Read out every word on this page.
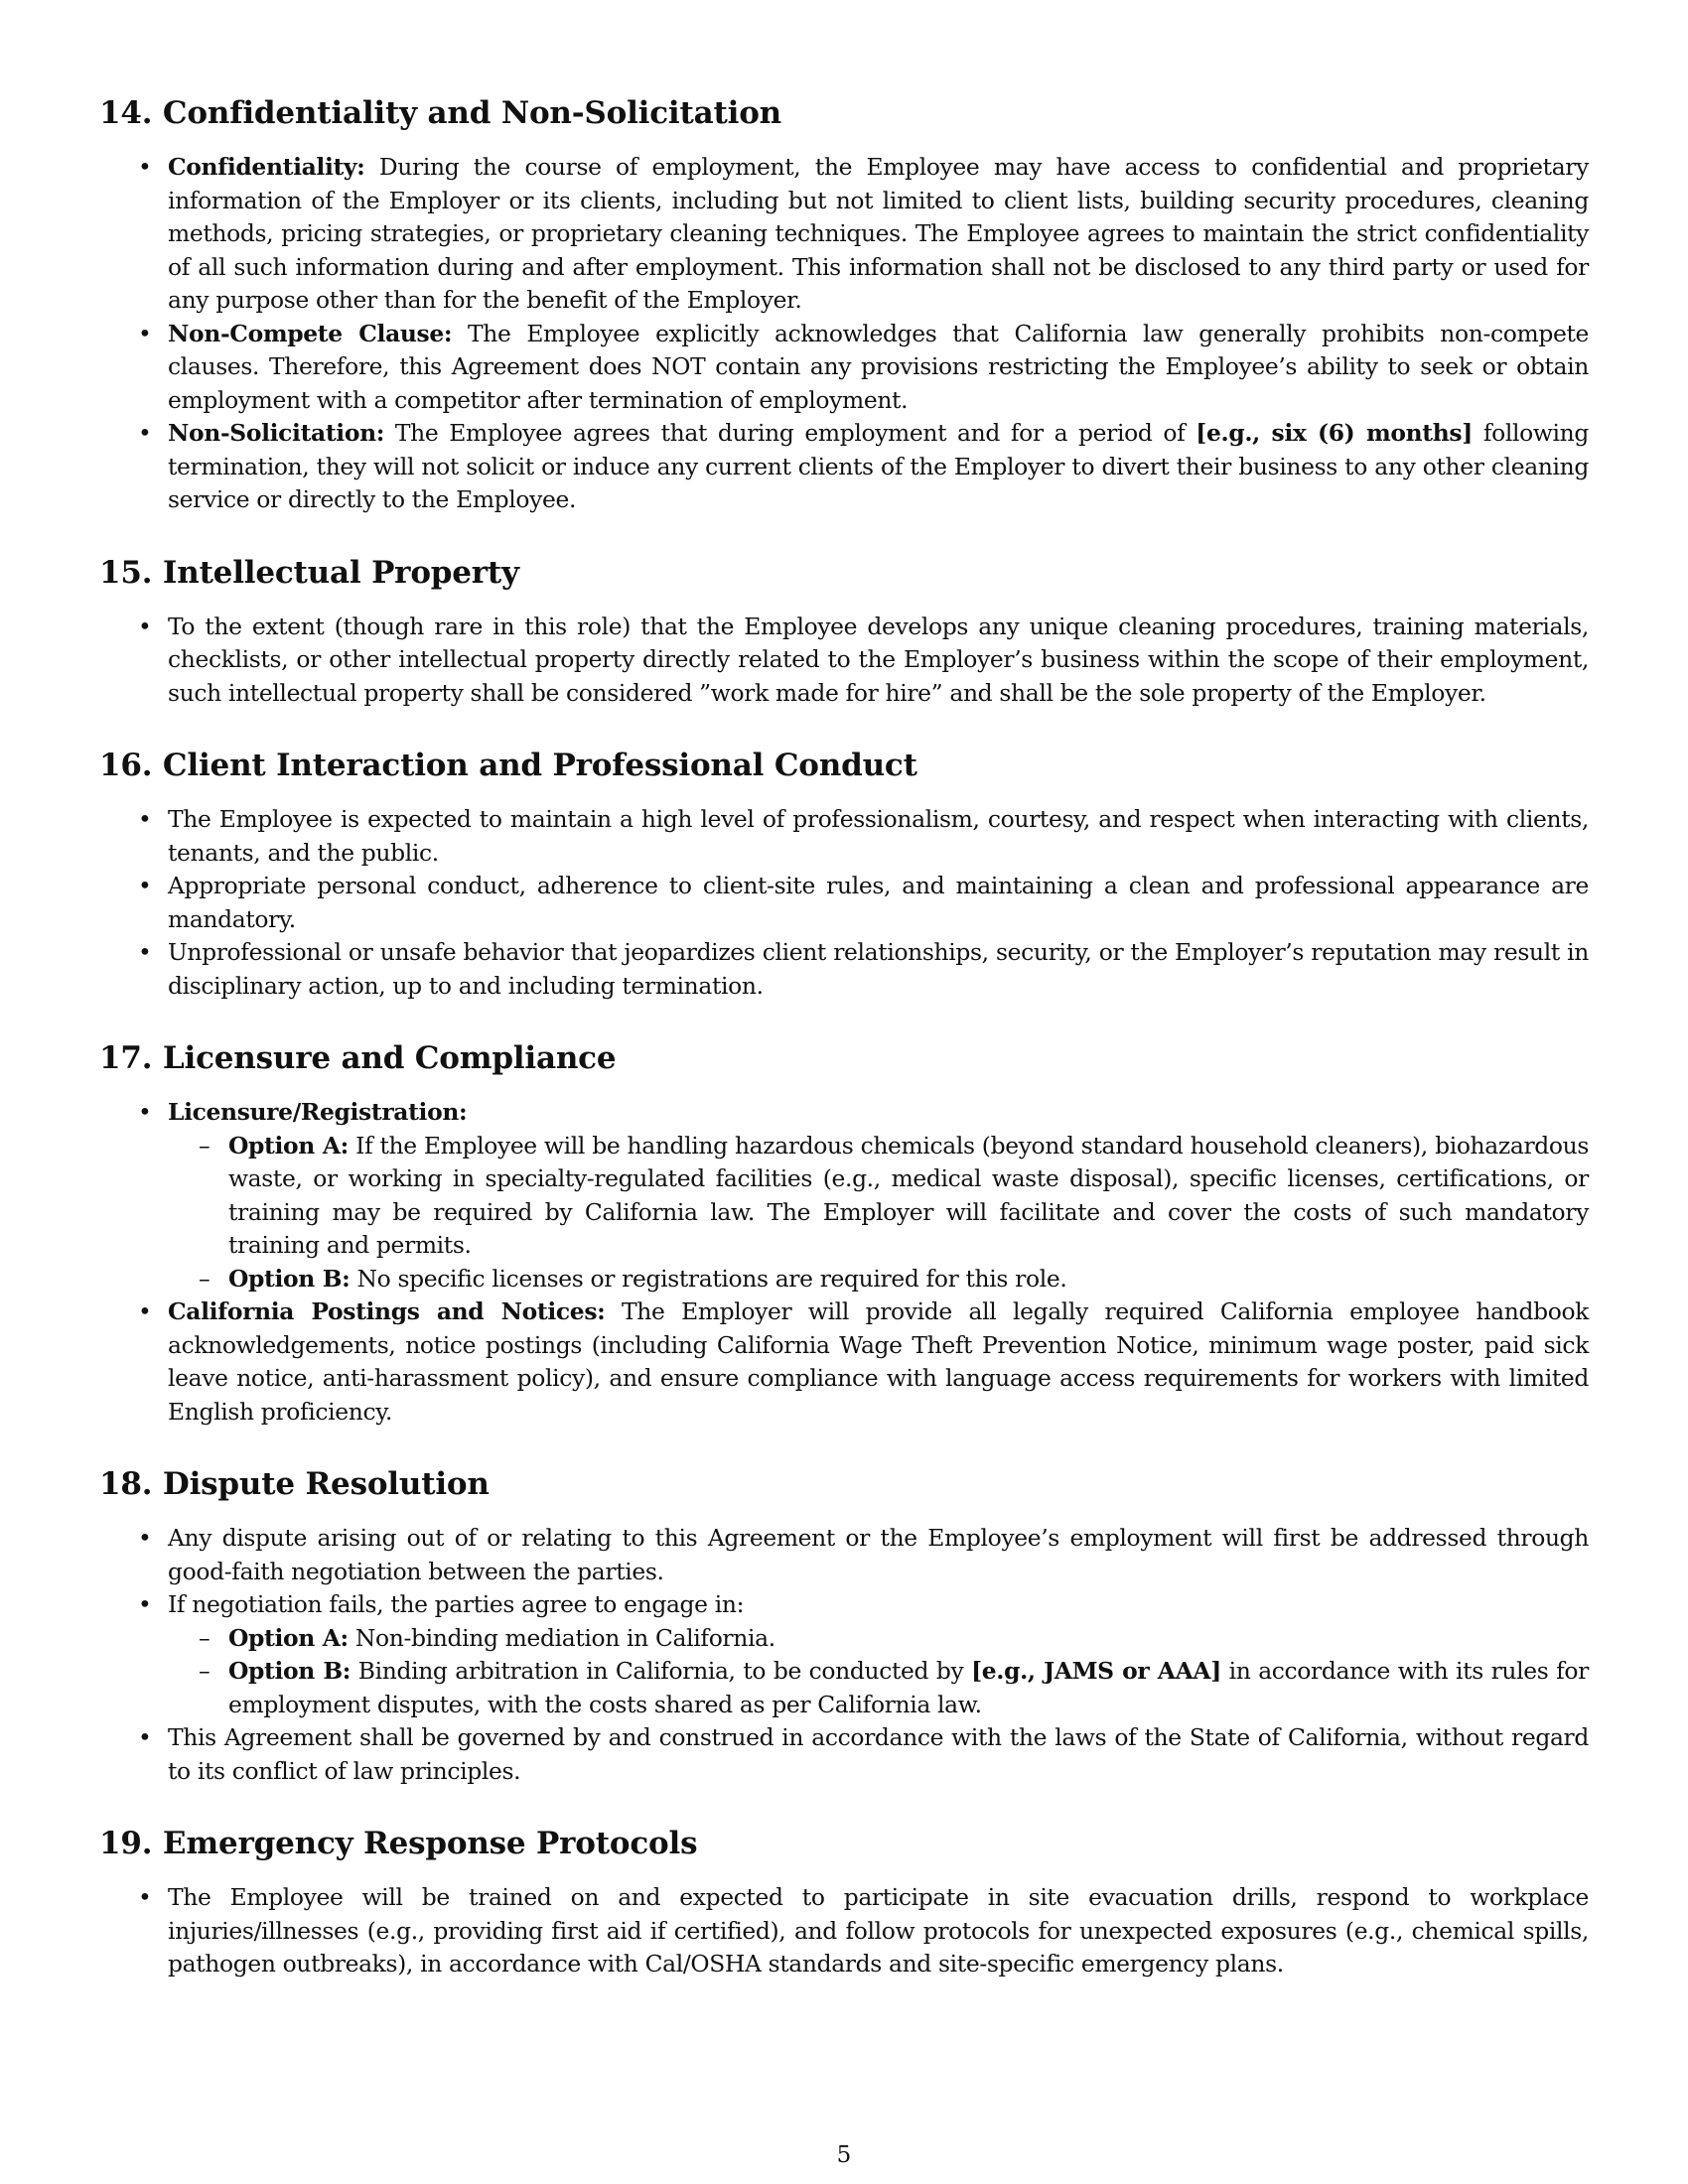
14. Confidentiality and Non-Solicitation
• Confidentiality: During the course of employment, the Employee may have access to confidential and proprietary information of the Employer or its clients, including but not limited to client lists, building security procedures, cleaning methods, pricing strategies, or proprietary cleaning techniques. The Employee agrees to maintain the strict confidentiality of all such information during and after employment. This information shall not be disclosed to any third party or used for any purpose other than for the benefit of the Employer.
• Non-Compete Clause: The Employee explicitly acknowledges that California law generally prohibits non-compete clauses. Therefore, this Agreement does NOT contain any provisions restricting the Employee’s ability to seek or obtain employment with a competitor after termination of employment.
• Non-Solicitation: The Employee agrees that during employment and for a period of [e.g., six (6) months] following termination, they will not solicit or induce any current clients of the Employer to divert their business to any other cleaning service or directly to the Employee.
15. Intellectual Property
• To the extent (though rare in this role) that the Employee develops any unique cleaning procedures, training materials, checklists, or other intellectual property directly related to the Employer’s business within the scope of their employment, such intellectual property shall be considered ”work made for hire” and shall be the sole property of the Employer.
16. Client Interaction and Professional Conduct
• The Employee is expected to maintain a high level of professionalism, courtesy, and respect when interacting with clients, tenants, and the public.
• Appropriate personal conduct, adherence to client-site rules, and maintaining a clean and professional appearance are mandatory.
• Unprofessional or unsafe behavior that jeopardizes client relationships, security, or the Employer’s reputation may result in disciplinary action, up to and including termination.
17. Licensure and Compliance
• Licensure/Registration:
– Option A: If the Employee will be handling hazardous chemicals (beyond standard household cleaners), biohazardous waste, or working in specialty-regulated facilities (e.g., medical waste disposal), specific licenses, certifications, or training may be required by California law. The Employer will facilitate and cover the costs of such mandatory training and permits.
– Option B: No specific licenses or registrations are required for this role.
• California Postings and Notices: The Employer will provide all legally required California employee handbook acknowledgements, notice postings (including California Wage Theft Prevention Notice, minimum wage poster, paid sick leave notice, anti-harassment policy), and ensure compliance with language access requirements for workers with limited English proficiency.
18. Dispute Resolution
• Any dispute arising out of or relating to this Agreement or the Employee’s employment will first be addressed through good-faith negotiation between the parties.
• If negotiation fails, the parties agree to engage in:
– Option A: Non-binding mediation in California.
– Option B: Binding arbitration in California, to be conducted by [e.g., JAMS or AAA] in accordance with its rules for employment disputes, with the costs shared as per California law.
• This Agreement shall be governed by and construed in accordance with the laws of the State of California, without regard to its conflict of law principles.
19. Emergency Response Protocols
• The Employee will be trained on and expected to participate in site evacuation drills, respond to workplace injuries/illnesses (e.g., providing first aid if certified), and follow protocols for unexpected exposures (e.g., chemical spills, pathogen outbreaks), in accordance with Cal/OSHA standards and site-specific emergency plans.
5
